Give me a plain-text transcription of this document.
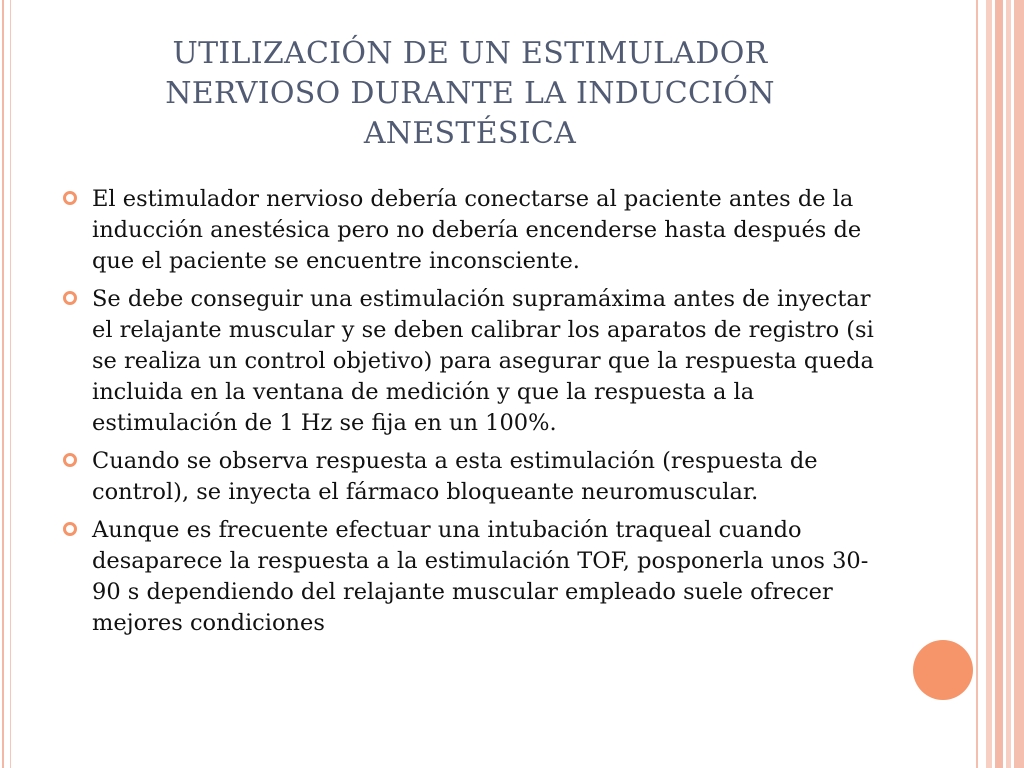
UTILIZACIÓN DE UN ESTIMULADOR NERVIOSO DURANTE LA INDUCCIÓN ANESTÉSICA
El estimulador nervioso debería conectarse al paciente antes de la inducción anestésica pero no debería encenderse hasta después de que el paciente se encuentre inconsciente.
Se debe conseguir una estimulación supramáxima antes de inyectar el relajante muscular y se deben calibrar los aparatos de registro (si se realiza un control objetivo) para asegurar que la respuesta queda incluida en la ventana de medición y que la respuesta a la estimulación de 1 Hz se fija en un 100%.
Cuando se observa respuesta a esta estimulación (respuesta de control), se inyecta el fármaco bloqueante neuromuscular.
Aunque es frecuente efectuar una intubación traqueal cuando desaparece la respuesta a la estimulación TOF, posponerla unos 30-90 s dependiendo del relajante muscular empleado suele ofrecer mejores condiciones
